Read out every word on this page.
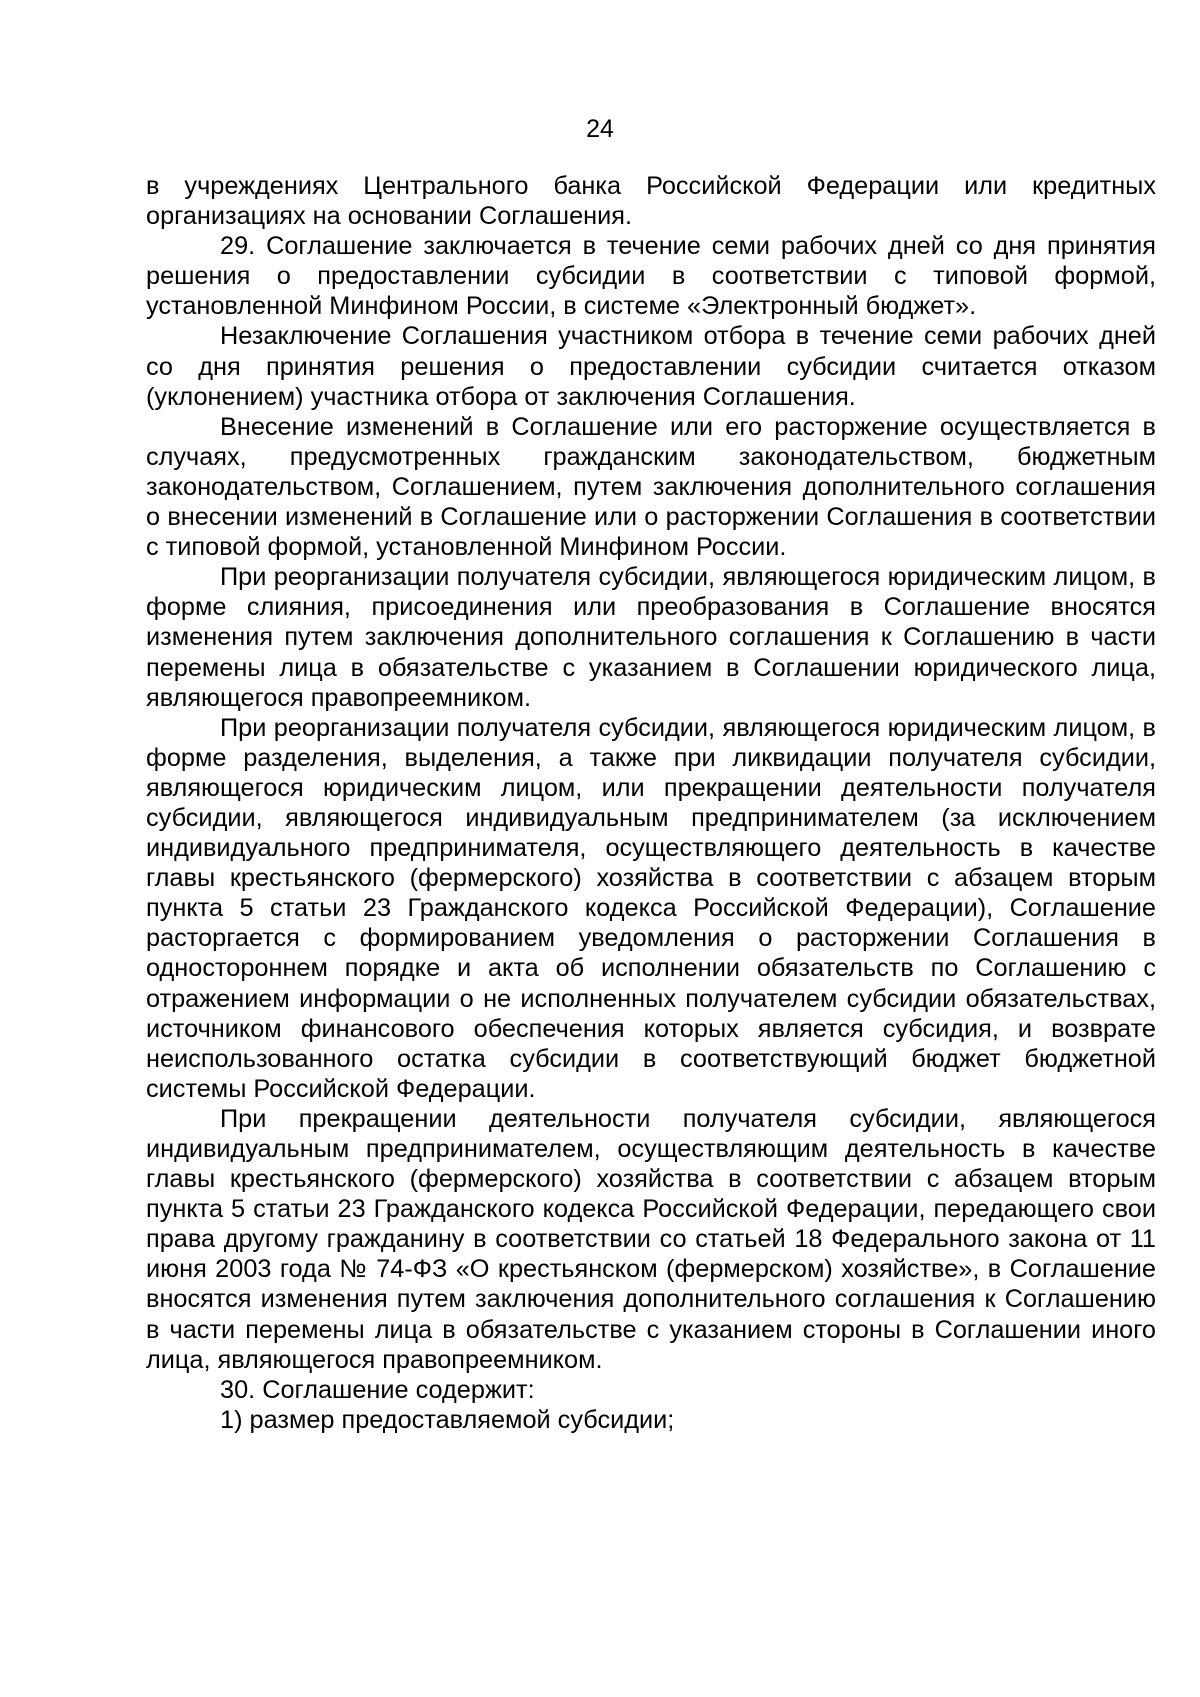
24

в учреждениях Центрального банка Российской Федерации или кредитных организациях на основании Соглашения.

29. Соглашение заключается в течение семи рабочих дней со дня принятия решения о предоставлении субсидии в соответствии с типовой формой, установленной Минфином России, в системе «Электронный бюджет».

Незаключение Соглашения участником отбора в течение семи рабочих дней со дня принятия решения о предоставлении субсидии считается отказом (уклонением) участника отбора от заключения Соглашения.

Внесение изменений в Соглашение или его расторжение осуществляется в случаях, предусмотренных гражданским законодательством, бюджетным законодательством, Соглашением, путем заключения дополнительного соглашения о внесении изменений в Соглашение или о расторжении Соглашения в соответствии с типовой формой, установленной Минфином России.

При реорганизации получателя субсидии, являющегося юридическим лицом, в форме слияния, присоединения или преобразования в Соглашение вносятся изменения путем заключения дополнительного соглашения к Соглашению в части перемены лица в обязательстве с указанием в Соглашении юридического лица, являющегося правопреемником.

При реорганизации получателя субсидии, являющегося юридическим лицом, в форме разделения, выделения, а также при ликвидации получателя субсидии, являющегося юридическим лицом, или прекращении деятельности получателя субсидии, являющегося индивидуальным предпринимателем (за исключением индивидуального предпринимателя, осуществляющего деятельность в качестве главы крестьянского (фермерского) хозяйства в соответствии с абзацем вторым пункта 5 статьи 23 Гражданского кодекса Российской Федерации), Соглашение расторгается с формированием уведомления о расторжении Соглашения в одностороннем порядке и акта об исполнении обязательств по Соглашению с отражением информации о не исполненных получателем субсидии обязательствах, источником финансового обеспечения которых является субсидия, и возврате неиспользованного остатка субсидии в соответствующий бюджет бюджетной системы Российской Федерации.

При прекращении деятельности получателя субсидии, являющегося индивидуальным предпринимателем, осуществляющим деятельность в качестве главы крестьянского (фермерского) хозяйства в соответствии с абзацем вторым пункта 5 статьи 23 Гражданского кодекса Российской Федерации, передающего свои права другому гражданину в соответствии со статьей 18 Федерального закона от 11 июня 2003 года № 74-ФЗ «О крестьянском (фермерском) хозяйстве», в Соглашение вносятся изменения путем заключения дополнительного соглашения к Соглашению в части перемены лица в обязательстве с указанием стороны в Соглашении иного лица, являющегося правопреемником.

30. Соглашение содержит:

1) размер предоставляемой субсидии;
